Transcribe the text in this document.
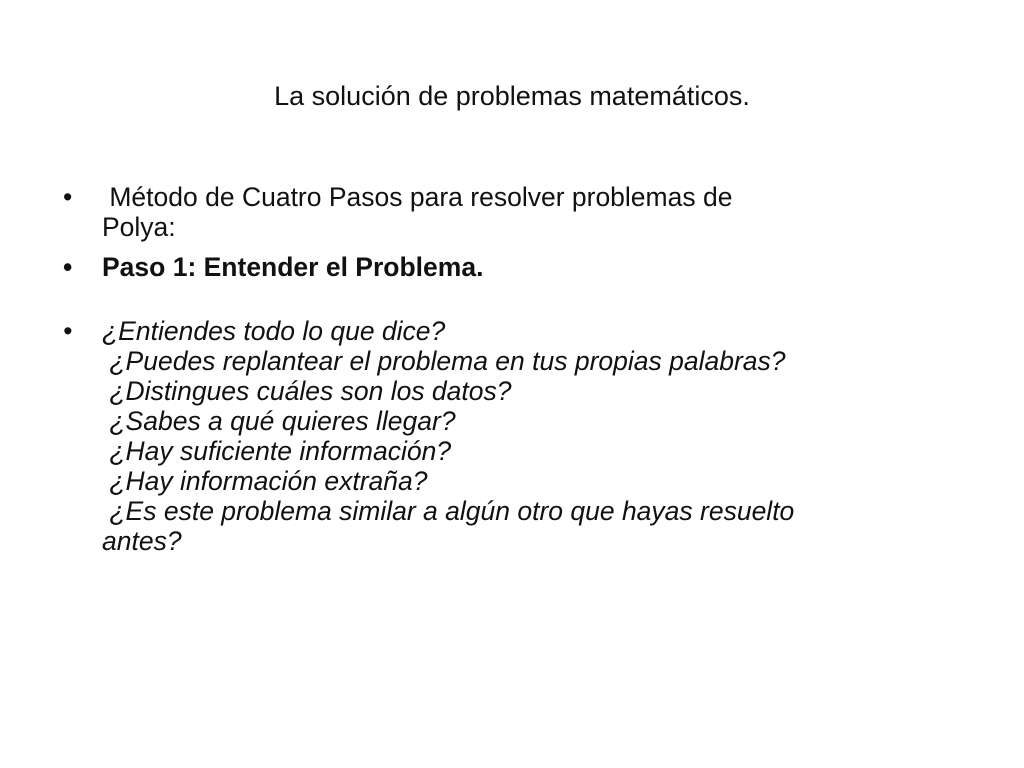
La solución de problemas matemáticos.
• Método de Cuatro Pasos para resolver problemas de
Polya:
• Paso 1: Entender el Problema.
• ¿Entiendes todo lo que dice?
¿Puedes replantear el problema en tus propias palabras?
¿Distingues cuáles son los datos?
¿Sabes a qué quieres llegar?
¿Hay suficiente información?
¿Hay información extraña?
¿Es este problema similar a algún otro que hayas resuelto
antes?
